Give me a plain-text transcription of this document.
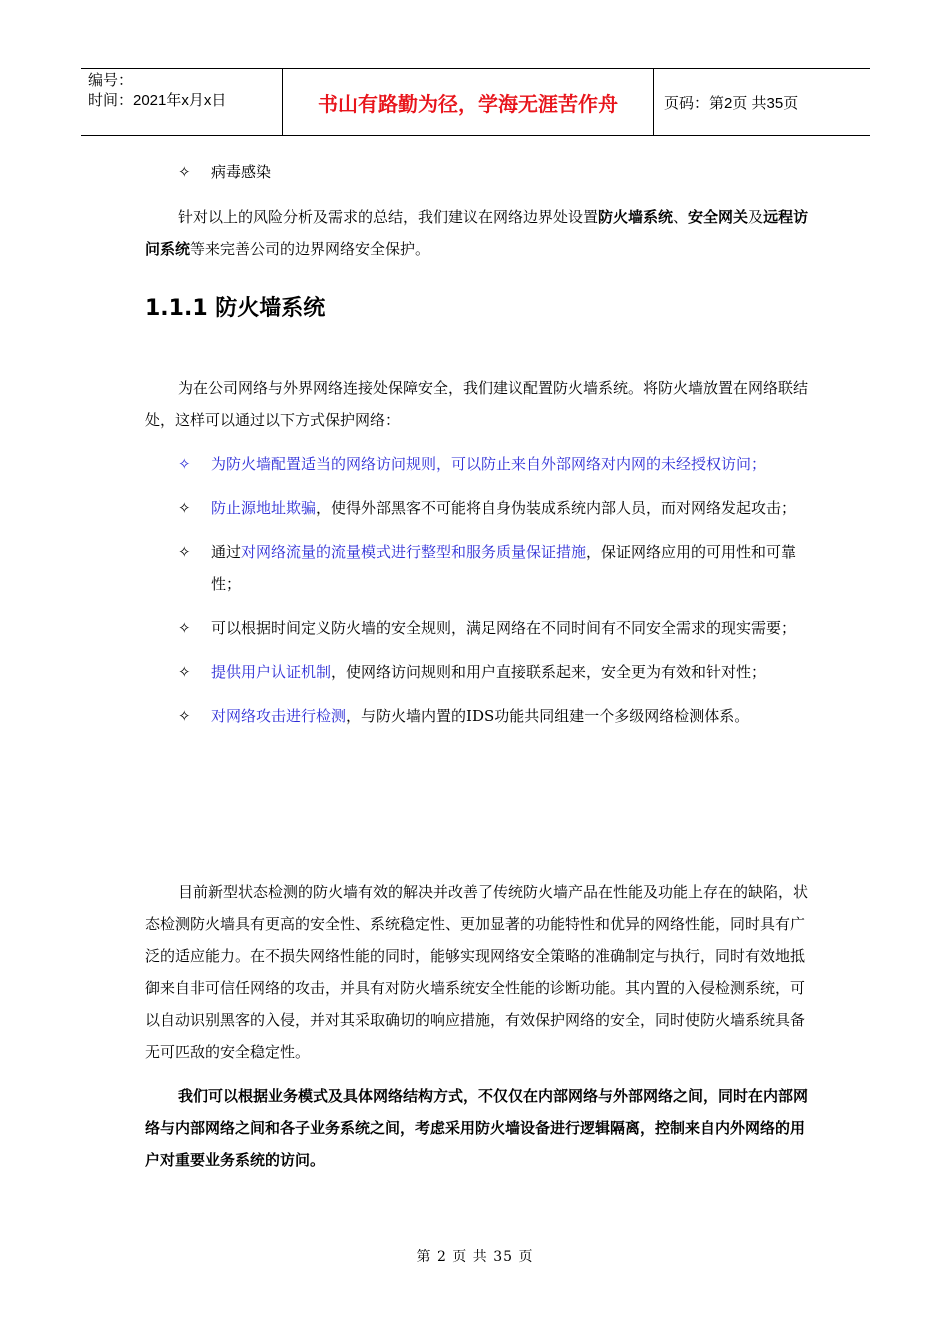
编号：
时间：2021年x月x日	书山有路勤为径，学海无涯苦作舟	页码：第2页 共35页
✧	病毒感染

针对以上的风险分析及需求的总结，我们建议在网络边界处设置防火墙系统、安全网关及远程访问系统等来完善公司的边界网络安全保护。

1.1.1 防火墙系统

为在公司网络与外界网络连接处保障安全，我们建议配置防火墙系统。将防火墙放置在网络联结处，这样可以通过以下方式保护网络：

✧	为防火墙配置适当的网络访问规则，可以防止来自外部网络对内网的未经授权访问；
✧	防止源地址欺骗，使得外部黑客不可能将自身伪装成系统内部人员，而对网络发起攻击；
✧	通过对网络流量的流量模式进行整型和服务质量保证措施，保证网络应用的可用性和可靠性；
✧	可以根据时间定义防火墙的安全规则，满足网络在不同时间有不同安全需求的现实需要；
✧	提供用户认证机制，使网络访问规则和用户直接联系起来，安全更为有效和针对性；
✧	对网络攻击进行检测，与防火墙内置的IDS功能共同组建一个多级网络检测体系。

目前新型状态检测的防火墙有效的解决并改善了传统防火墙产品在性能及功能上存在的缺陷，状态检测防火墙具有更高的安全性、系统稳定性、更加显著的功能特性和优异的网络性能，同时具有广泛的适应能力。在不损失网络性能的同时，能够实现网络安全策略的准确制定与执行，同时有效地抵御来自非可信任网络的攻击，并具有对防火墙系统安全性能的诊断功能。其内置的入侵检测系统，可以自动识别黑客的入侵，并对其采取确切的响应措施，有效保护网络的安全，同时使防火墙系统具备无可匹敌的安全稳定性。

我们可以根据业务模式及具体网络结构方式，不仅仅在内部网络与外部网络之间，同时在内部网络与内部网络之间和各子业务系统之间，考虑采用防火墙设备进行逻辑隔离，控制来自内外网络的用户对重要业务系统的访问。

第 2 页 共 35 页
